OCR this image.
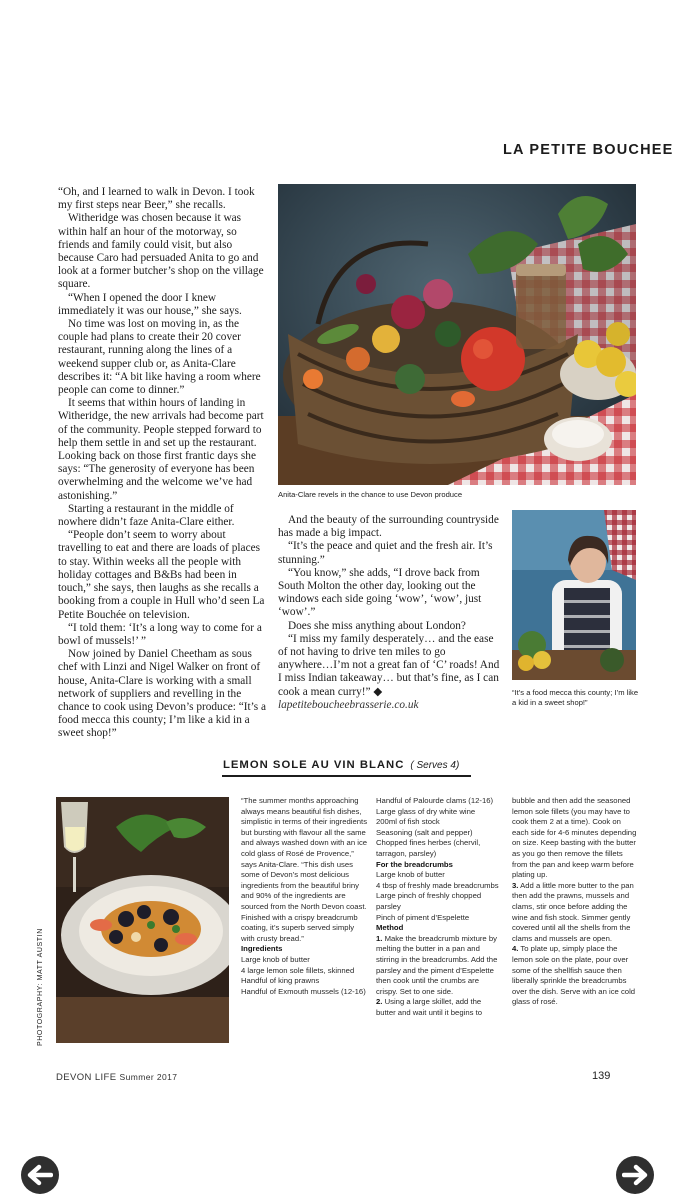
LA PETITE BOUCHEE

“Oh, and I learned to walk in Devon. I took my first steps near Beer,” she recalls.

Witheridge was chosen because it was within half an hour of the motorway, so friends and family could visit, but also because Caro had persuaded Anita to go and look at a former butcher’s shop on the village square.

“When I opened the door I knew immediately it was our house,” she says.

No time was lost on moving in, as the couple had plans to create their 20 cover restaurant, running along the lines of a weekend supper club or, as Anita-Clare describes it: “A bit like having a room where people can come to dinner.”

It seems that within hours of landing in Witheridge, the new arrivals had become part of the community. People stepped forward to help them settle in and set up the restaurant. Looking back on those first frantic days she says: “The generosity of everyone has been overwhelming and the welcome we’ve had astonishing.”

Starting a restaurant in the middle of nowhere didn’t faze Anita-Clare either.

“People don’t seem to worry about travelling to eat and there are loads of places to stay. Within weeks all the people with holiday cottages and B&Bs had been in touch,” she says, then laughs as she recalls a booking from a couple in Hull who’d seen La Petite Bouchée on television.

“I told them: ‘It’s a long way to come for a bowl of mussels!’ ”

Now joined by Daniel Cheetham as sous chef with Linzi and Nigel Walker on front of house, Anita-Clare is working with a small network of suppliers and revelling in the chance to cook using Devon’s produce: “It’s a food mecca this county; I’m like a kid in a sweet shop!”

Anita-Clare revels in the chance to use Devon produce

And the beauty of the surrounding countryside has made a big impact.

“It’s the peace and quiet and the fresh air. It’s stunning.”

“You know,” she adds, “I drove back from South Molton the other day, looking out the windows each side going ‘wow’, ‘wow’, just ‘wow’.”

Does she miss anything about London?

“I miss my family desperately… and the ease of not having to drive ten miles to go anywhere…I’m not a great fan of ‘C’ roads! And I miss Indian takeaway… but that’s fine, as I can cook a mean curry!” ◆

lapetiteboucheebrasserie.co.uk
“It’s a food mecca this county; I’m like a kid in a sweet shop!”
LEMON SOLE AU VIN BLANC ( Serves 4)
PHOTOGRAPHY: MATT AUSTIN
“The summer months approaching always means beautiful fish dishes, simplistic in terms of their ingredients but bursting with flavour all the same and always washed down with an ice cold glass of Rosé de Provence,” says Anita-Clare. “This dish uses some of Devon’s most delicious ingredients from the beautiful briny and 90% of the ingredients are sourced from the North Devon coast. Finished with a crispy breadcrumb coating, it’s superb served simply with crusty bread.”
Ingredients
Large knob of butter
4 large lemon sole fillets, skinned
Handful of king prawns
Handful of Exmouth mussels (12-16)
Handful of Palourde clams (12-16)
Large glass of dry white wine
200ml of fish stock
Seasoning (salt and pepper)
Chopped fines herbes (chervil, tarragon, parsley)
For the breadcrumbs
Large knob of butter
4 tbsp of freshly made breadcrumbs
Large pinch of freshly chopped parsley
Pinch of piment d’Espelette
Method
1. Make the breadcrumb mixture by melting the butter in a pan and stirring in the breadcrumbs. Add the parsley and the piment d’Espelette then cook until the crumbs are crispy. Set to one side.
2. Using a large skillet, add the butter and wait until it begins to
bubble and then add the seasoned lemon sole fillets (you may have to cook them 2 at a time). Cook on each side for 4-6 minutes depending on size. Keep basting with the butter as you go then remove the fillets from the pan and keep warm before plating up.
3. Add a little more butter to the pan then add the prawns, mussels and clams, stir once before adding the wine and fish stock. Simmer gently covered until all the shells from the clams and mussels are open.
4. To plate up, simply place the lemon sole on the plate, pour over some of the shellfish sauce then liberally sprinkle the breadcrumbs over the dish. Serve with an ice cold glass of rosé.
DEVON LIFE Summer 2017	139
